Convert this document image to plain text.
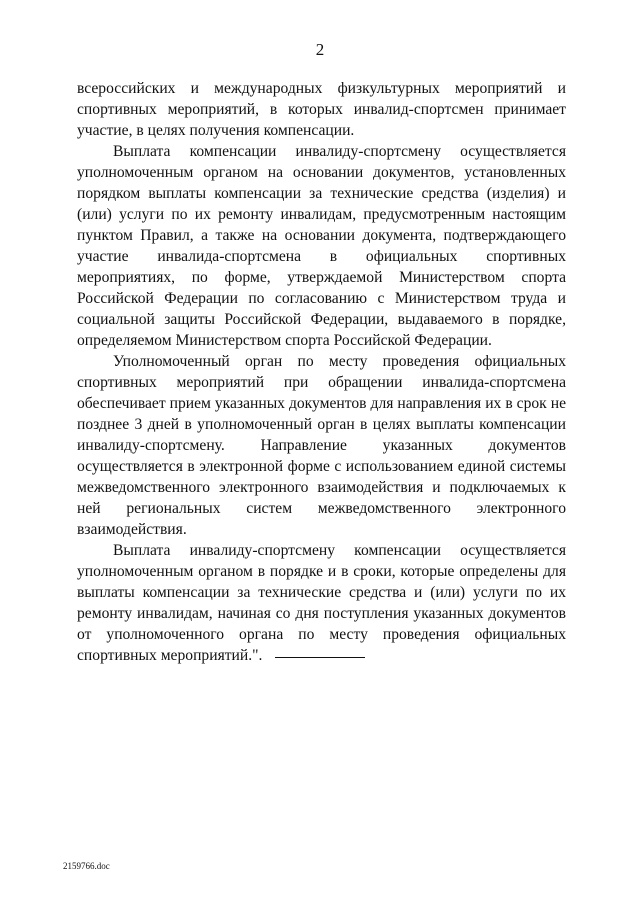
2

всероссийских и международных физкультурных мероприятий и спортивных мероприятий, в которых инвалид-спортсмен принимает участие, в целях получения компенсации.

Выплата компенсации инвалиду-спортсмену осуществляется уполномоченным органом на основании документов, установленных порядком выплаты компенсации за технические средства (изделия) и (или) услуги по их ремонту инвалидам, предусмотренным настоящим пунктом Правил, а также на основании документа, подтверждающего участие инвалида-спортсмена в официальных спортивных мероприятиях, по форме, утверждаемой Министерством спорта Российской Федерации по согласованию с Министерством труда и социальной защиты Российской Федерации, выдаваемого в порядке, определяемом Министерством спорта Российской Федерации.

Уполномоченный орган по месту проведения официальных спортивных мероприятий при обращении инвалида-спортсмена обеспечивает прием указанных документов для направления их в срок не позднее 3 дней в уполномоченный орган в целях выплаты компенсации инвалиду-спортсмену. Направление указанных документов осуществляется в электронной форме с использованием единой системы межведомственного электронного взаимодействия и подключаемых к ней региональных систем межведомственного электронного взаимодействия.

Выплата инвалиду-спортсмену компенсации осуществляется уполномоченным органом в порядке и в сроки, которые определены для выплаты компенсации за технические средства и (или) услуги по их ремонту инвалидам, начиная со дня поступления указанных документов от уполномоченного органа по месту проведения официальных спортивных мероприятий.".

2159766.doc
